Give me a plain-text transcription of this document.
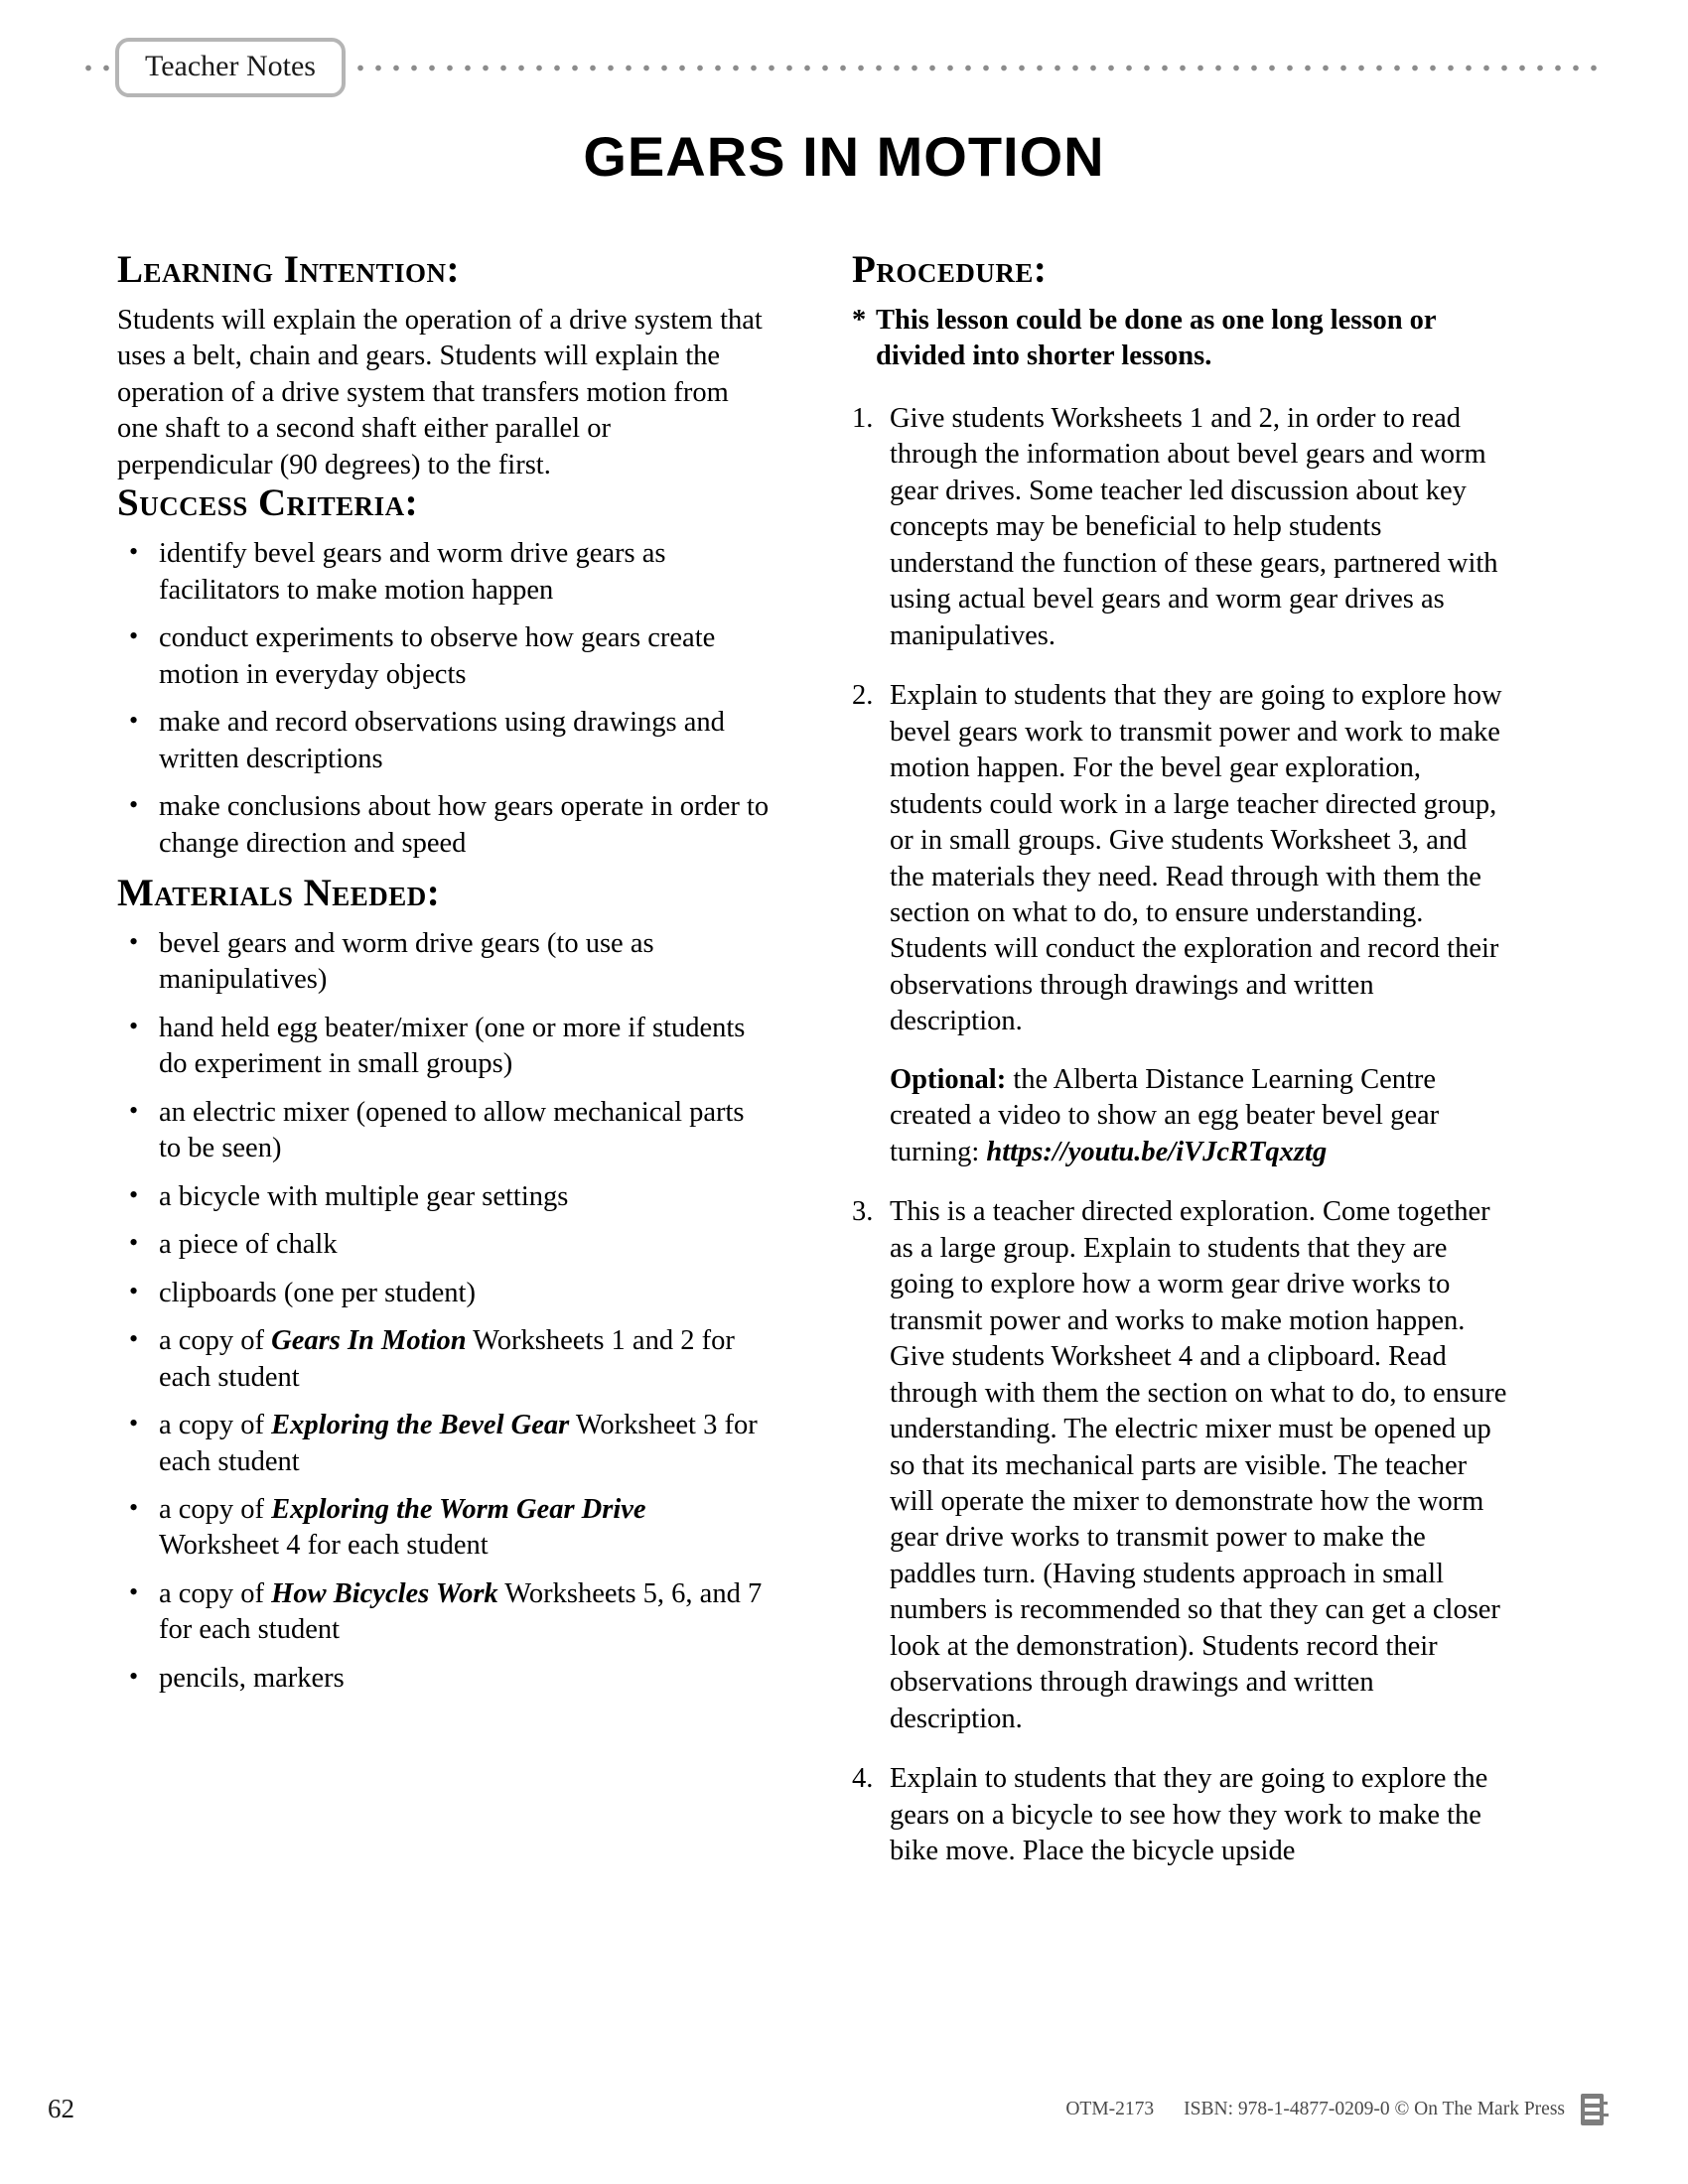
Teacher Notes
GEARS IN MOTION
Learning Intention:

Students will explain the operation of a drive system that uses a belt, chain and gears. Students will explain the operation of a drive system that transfers motion from one shaft to a second shaft either parallel or perpendicular (90 degrees) to the first.

Success Criteria:
• identify bevel gears and worm drive gears as facilitators to make motion happen
• conduct experiments to observe how gears create motion in everyday objects
• make and record observations using drawings and written descriptions
• make conclusions about how gears operate in order to change direction and speed
Materials Needed:
• bevel gears and worm drive gears (to use as manipulatives)
• hand held egg beater/mixer (one or more if students do experiment in small groups)
• an electric mixer (opened to allow mechanical parts to be seen)
• a bicycle with multiple gear settings
• a piece of chalk
• clipboards (one per student)
• a copy of Gears In Motion Worksheets 1 and 2 for each student
• a copy of Exploring the Bevel Gear Worksheet 3 for each student
• a copy of Exploring the Worm Gear Drive Worksheet 4 for each student
• a copy of How Bicycles Work Worksheets 5, 6, and 7 for each student
• pencils, markers
Procedure:

* This lesson could be done as one long lesson or divided into shorter lessons.

1. Give students Worksheets 1 and 2, in order to read through the information about bevel gears and worm gear drives. Some teacher led discussion about key concepts may be beneficial to help students understand the function of these gears, partnered with using actual bevel gears and worm gear drives as manipulatives.
2. Explain to students that they are going to explore how bevel gears work to transmit power and work to make motion happen. For the bevel gear exploration, students could work in a large teacher directed group, or in small groups. Give students Worksheet 3, and the materials they need. Read through with them the section on what to do, to ensure understanding. Students will conduct the exploration and record their observations through drawings and written description.

Optional: the Alberta Distance Learning Centre created a video to show an egg beater bevel gear turning: https://youtu.be/iVJcRTqxztg

3. This is a teacher directed exploration. Come together as a large group. Explain to students that they are going to explore how a worm gear drive works to transmit power and works to make motion happen. Give students Worksheet 4 and a clipboard. Read through with them the section on what to do, to ensure understanding. The electric mixer must be opened up so that its mechanical parts are visible. The teacher will operate the mixer to demonstrate how the worm gear drive works to transmit power to make the paddles turn. (Having students approach in small numbers is recommended so that they can get a closer look at the demonstration). Students record their observations through drawings and written description.
4. Explain to students that they are going to explore the gears on a bicycle to see how they work to make the bike move. Place the bicycle upside
62	OTM-2173 ISBN: 978-1-4877-0209-0 © On The Mark Press
